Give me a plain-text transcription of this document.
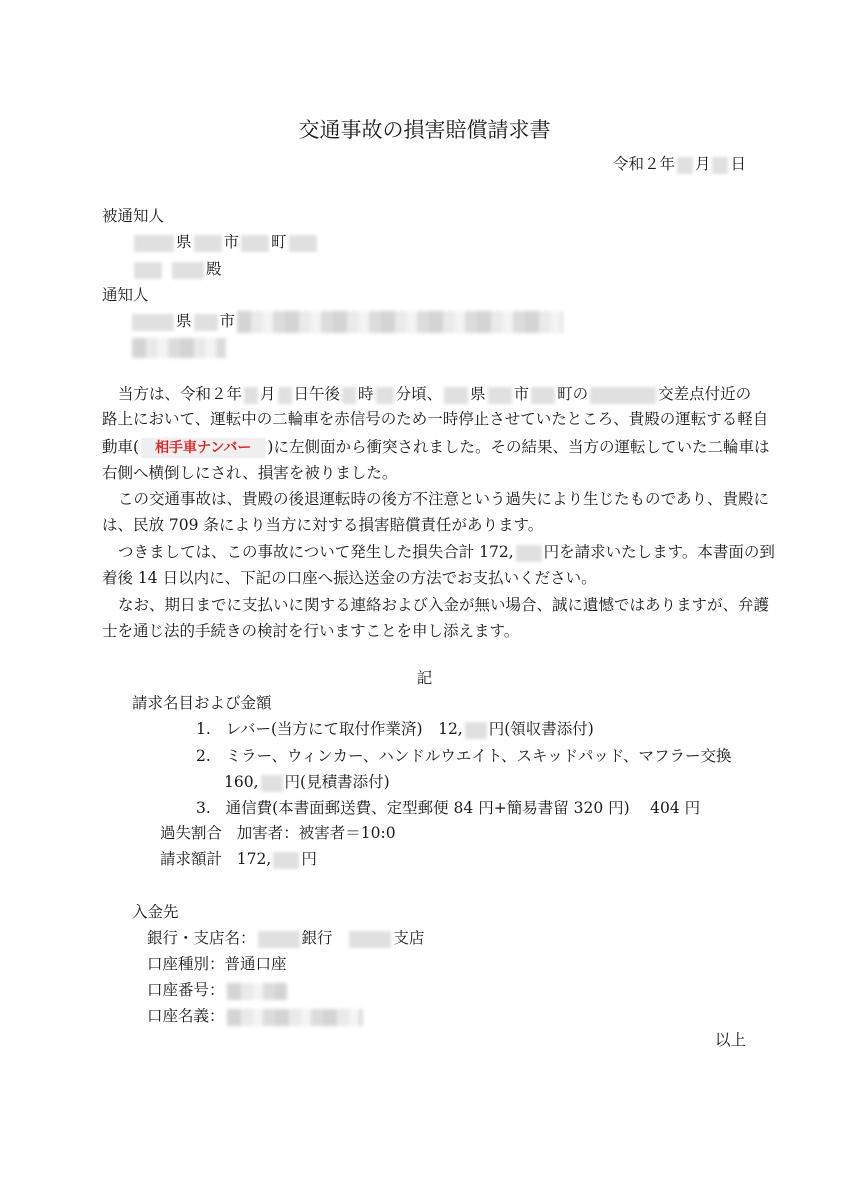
交通事故の損害賠償請求書
令和２年 月 日
被通知人
県 市 町
殿
通知人
県 市
当方は、令和２年 月 日午後 時 分頃、 県 市 町の	交差点付近の
路上において、運転中の二輪車を赤信号のため一時停止させていたところ、貴殿の運転する軽自
動車( 相手車ナンバー )に左側面から衝突されました。その結果、当方の運転していた二輪車は
右側へ横倒しにされ、損害を被りました。
この交通事故は、貴殿の後退運転時の後方不注意という過失により生じたものであり、貴殿に
は、民放 709 条により当方に対する損害賠償責任があります。
つきましては、この事故について発生した損失合計 172, 円を請求いたします。本書面の到
着後 14 日以内に、下記の口座へ振込送金の方法でお支払いください。
なお、期日までに支払いに関する連絡および入金が無い場合、誠に遺憾ではありますが、弁護
士を通じ法的手続きの検討を行いますことを申し添えます。
記
請求名目および金額
1. レバー(当方にて取付作業済)　12, 円(領収書添付)
2. ミラー、ウィンカー、ハンドルウエイト、スキッドパッド、マフラー交換
160, 円(見積書添付)
3. 通信費(本書面郵送費、定型郵便 84 円+簡易書留 320 円)　 404 円
過失割合 加害者：被害者＝10:0
請求額計 172, 円
入金先
銀行・支店名：	銀行	支店
口座種別：普通口座
口座番号：
口座名義：
以上
